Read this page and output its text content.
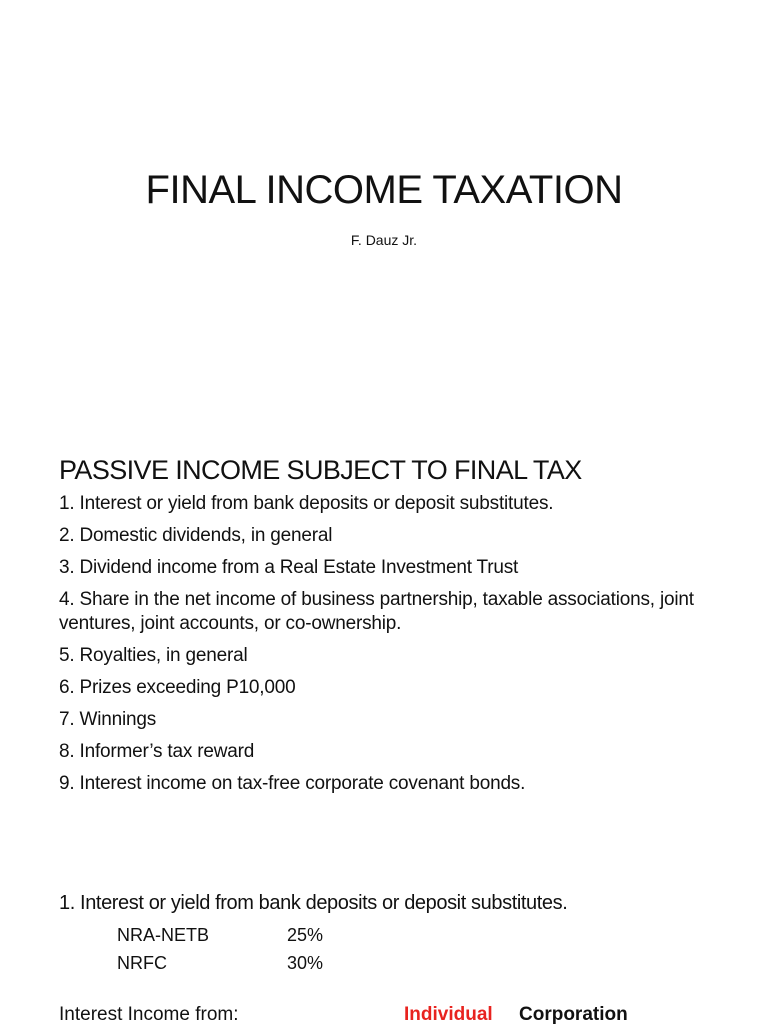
FINAL INCOME TAXATION

F. Dauz Jr.

PASSIVE INCOME SUBJECT TO FINAL TAX
1. Interest or yield from bank deposits or deposit substitutes.
2. Domestic dividends, in general
3. Dividend income from a Real Estate Investment Trust
4. Share in the net income of business partnership, taxable associations, joint ventures, joint accounts, or co-ownership.
5. Royalties, in general
6. Prizes exceeding P10,000
7. Winnings
8. Informer’s tax reward
9. Interest income on tax-free corporate covenant bonds.

1. Interest or yield from bank deposits or deposit substitutes.

NRA-NETB	25%
NRFC	30%
Interest Income from:	Individual Corporation
